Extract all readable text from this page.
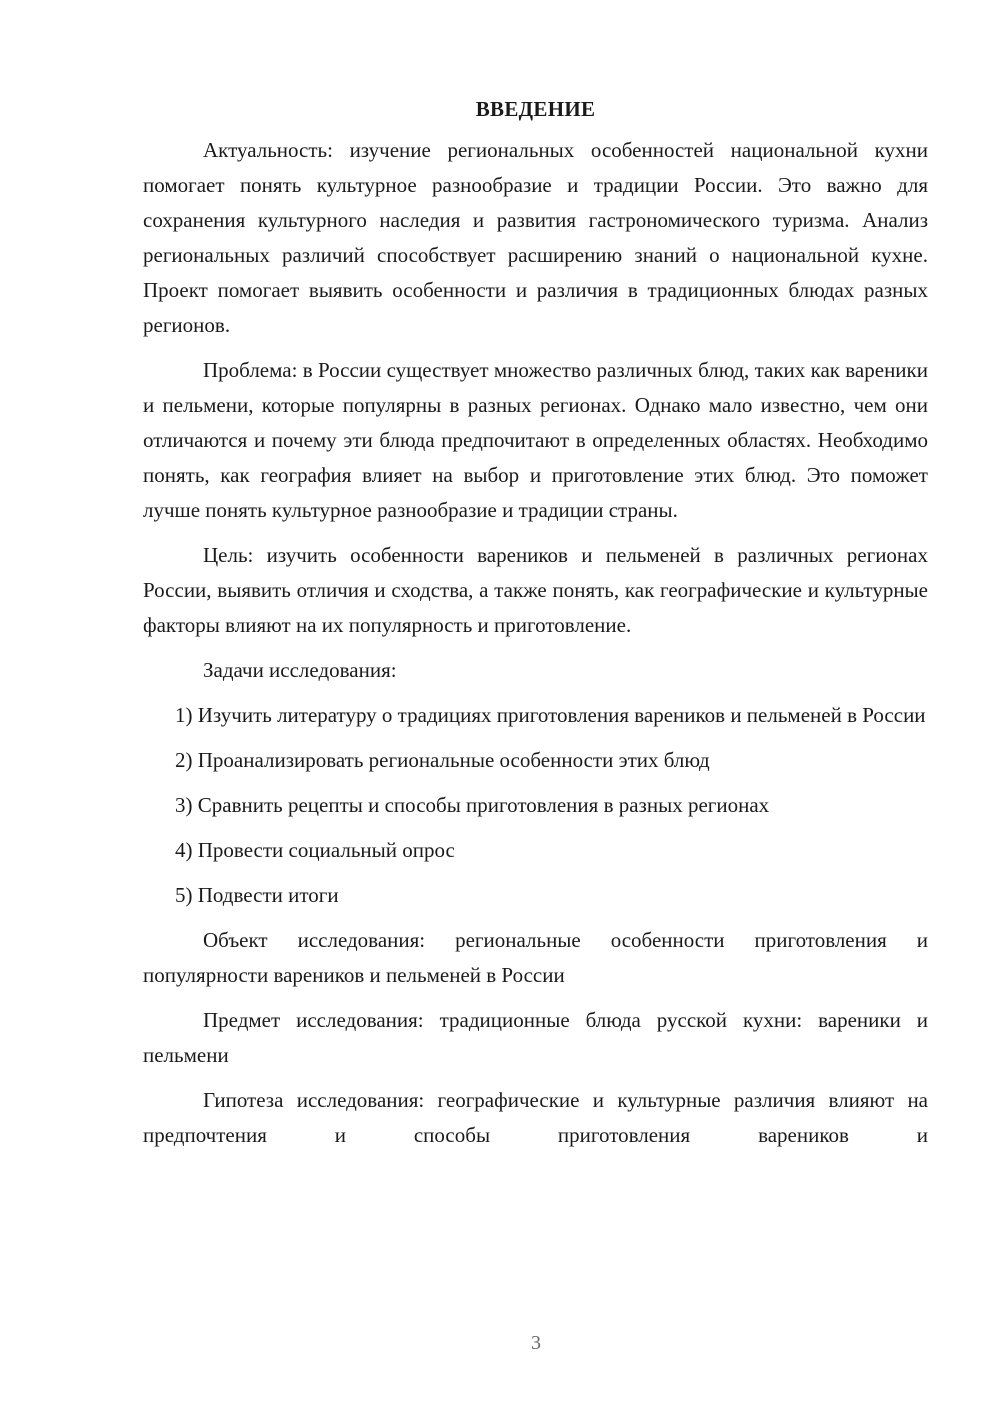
ВВЕДЕНИЕ

Актуальность: изучение региональных особенностей национальной кухни помогает понять культурное разнообразие и традиции России. Это важно для сохранения культурного наследия и развития гастрономического туризма. Анализ региональных различий способствует расширению знаний о национальной кухне. Проект помогает выявить особенности и различия в традиционных блюдах разных регионов.

Проблема: в России существует множество различных блюд, таких как вареники и пельмени, которые популярны в разных регионах. Однако мало известно, чем они отличаются и почему эти блюда предпочитают в определенных областях. Необходимо понять, как география влияет на выбор и приготовление этих блюд. Это поможет лучше понять культурное разнообразие и традиции страны.

Цель: изучить особенности вареников и пельменей в различных регионах России, выявить отличия и сходства, а также понять, как географические и культурные факторы влияют на их популярность и приготовление.

Задачи исследования:

1) Изучить литературу о традициях приготовления вареников и пельменей в России

2) Проанализировать региональные особенности этих блюд

3) Сравнить рецепты и способы приготовления в разных регионах

4) Провести социальный опрос

5) Подвести итоги

Объект исследования: региональные особенности приготовления и популярности вареников и пельменей в России

Предмет исследования: традиционные блюда русской кухни: вареники и пельмени

Гипотеза исследования: географические и культурные различия влияют на предпочтения и способы приготовления вареников и

3
